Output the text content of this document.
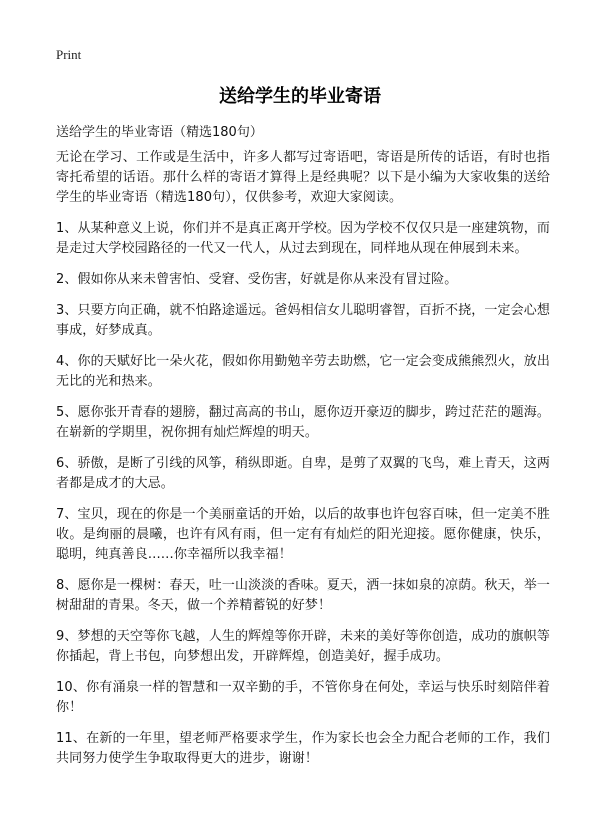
Print
送给学生的毕业寄语
送给学生的毕业寄语（精选180句）

无论在学习、工作或是生活中，许多人都写过寄语吧，寄语是所传的话语，有时也指寄托希望的话语。那什么样的寄语才算得上是经典呢？以下是小编为大家收集的送给学生的毕业寄语（精选180句），仅供参考，欢迎大家阅读。

1、从某种意义上说，你们并不是真正离开学校。因为学校不仅仅只是一座建筑物，而是走过大学校园路径的一代又一代人，从过去到现在，同样地从现在伸展到未来。

2、假如你从来未曾害怕、受窘、受伤害，好就是你从来没有冒过险。

3、只要方向正确，就不怕路途遥远。爸妈相信女儿聪明睿智，百折不挠，一定会心想事成，好梦成真。

4、你的天赋好比一朵火花，假如你用勤勉辛劳去助燃，它一定会变成熊熊烈火，放出无比的光和热来。

5、愿你张开青春的翅膀，翻过高高的书山，愿你迈开豪迈的脚步，跨过茫茫的题海。在崭新的学期里，祝你拥有灿烂辉煌的明天。

6、骄傲，是断了引线的风筝，稍纵即逝。自卑，是剪了双翼的飞鸟，难上青天，这两者都是成才的大忌。

7、宝贝，现在的你是一个美丽童话的开始，以后的故事也许包容百味，但一定美不胜收。是绚丽的晨曦，也许有风有雨，但一定有有灿烂的阳光迎接。愿你健康，快乐，聪明，纯真善良……你幸福所以我幸福！

8、愿你是一棵树：春天，吐一山淡淡的香味。夏天，洒一抹如泉的凉荫。秋天，举一树甜甜的青果。冬天，做一个养精蓄锐的好梦！

9、梦想的天空等你飞越，人生的辉煌等你开辟，未来的美好等你创造，成功的旗帜等你插起，背上书包，向梦想出发，开辟辉煌，创造美好，握手成功。

10、你有涌泉一样的智慧和一双辛勤的手，不管你身在何处，幸运与快乐时刻陪伴着你！

11、在新的一年里，望老师严格要求学生，作为家长也会全力配合老师的工作，我们共同努力使学生争取取得更大的进步，谢谢！
